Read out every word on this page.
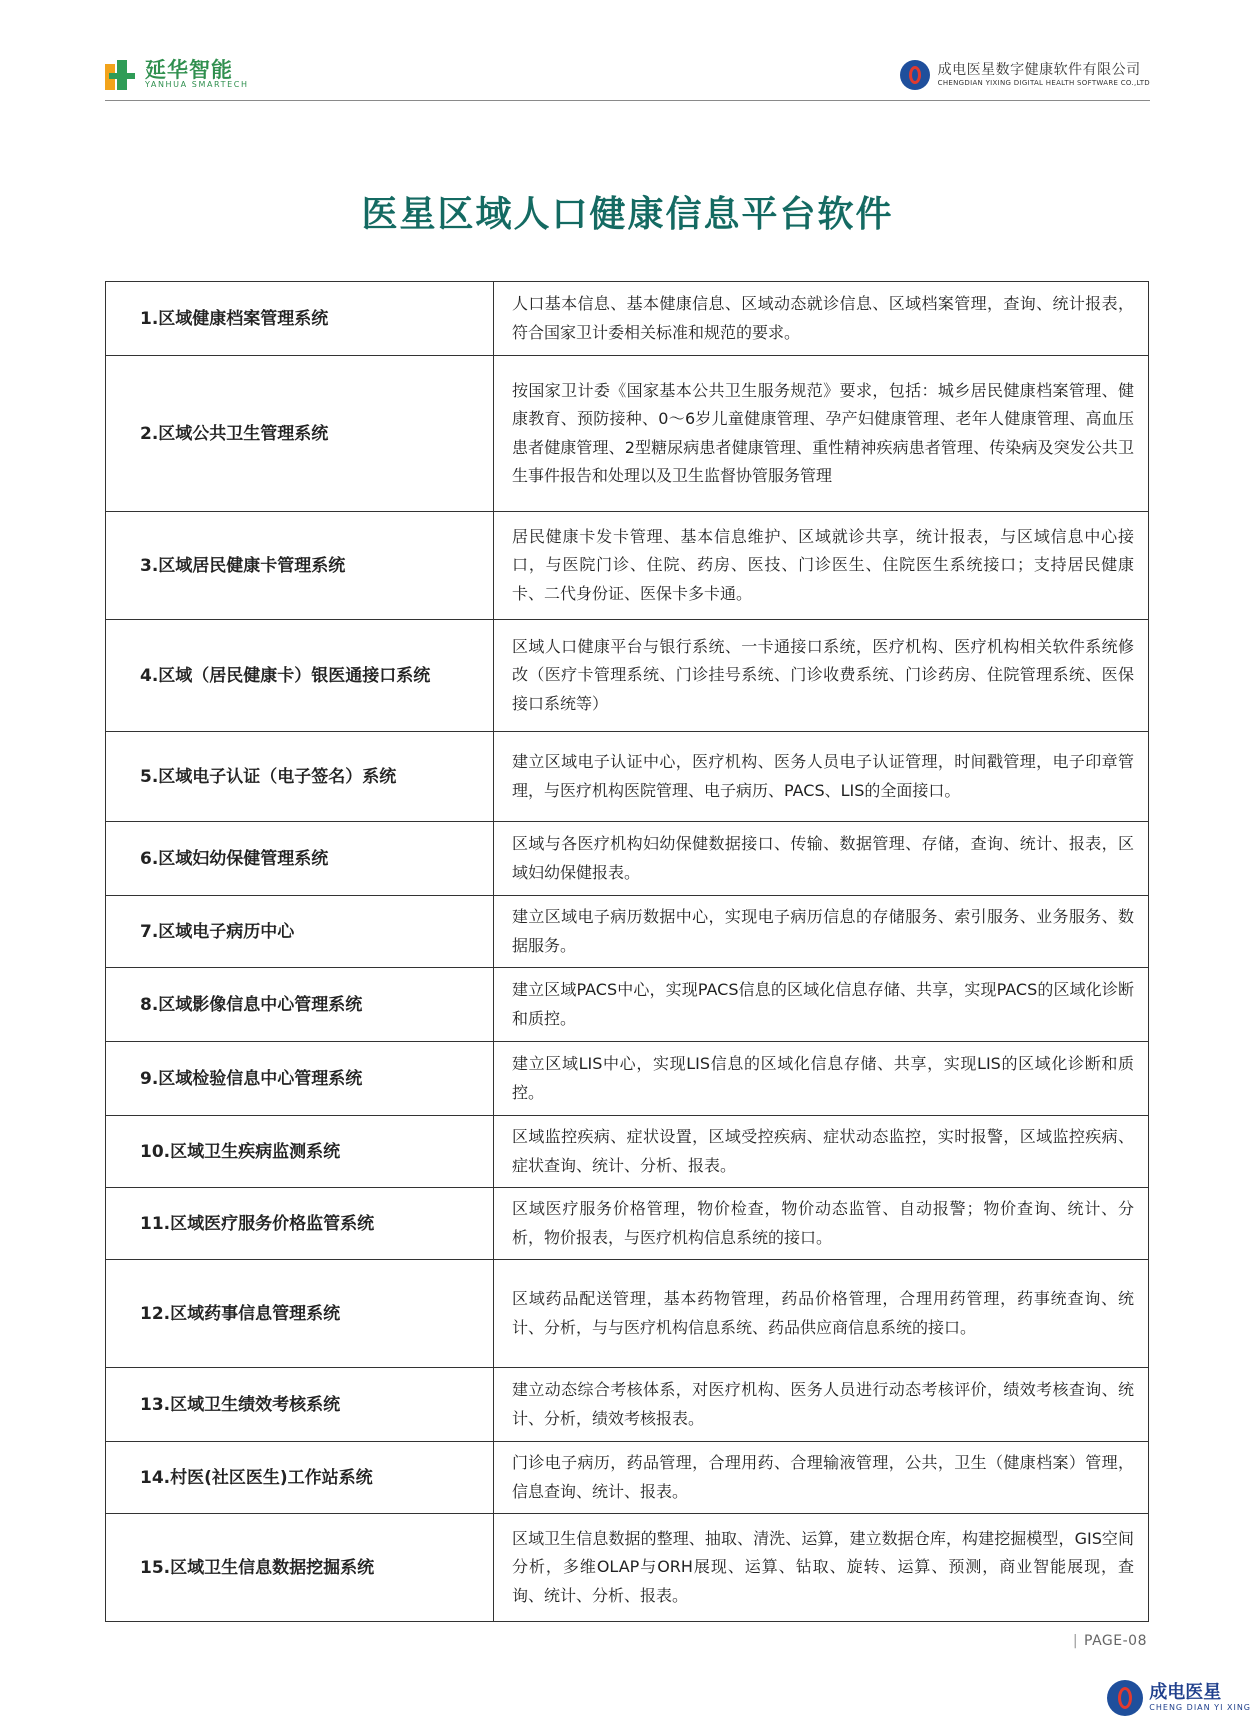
延华智能
YANHUA SMARTECH
成电医星数字健康软件有限公司
CHENGDIAN YIXING DIGITAL HEALTH SOFTWARE CO.,LTD
医星区域人口健康信息平台软件
1.区域健康档案管理系统	人口基本信息、基本健康信息、区域动态就诊信息、区域档案管理，查询、统计报表，符合国家卫计委相关标准和规范的要求。
2.区域公共卫生管理系统	按国家卫计委《国家基本公共卫生服务规范》要求，包括：城乡居民健康档案管理、健康教育、预防接种、0～6岁儿童健康管理、孕产妇健康管理、老年人健康管理、高血压患者健康管理、2型糖尿病患者健康管理、重性精神疾病患者管理、传染病及突发公共卫生事件报告和处理以及卫生监督协管服务管理
3.区域居民健康卡管理系统	居民健康卡发卡管理、基本信息维护、区域就诊共享，统计报表，与区域信息中心接口，与医院门诊、住院、药房、医技、门诊医生、住院医生系统接口；支持居民健康卡、二代身份证、医保卡多卡通。
4.区域（居民健康卡）银医通接口系统	区域人口健康平台与银行系统、一卡通接口系统，医疗机构、医疗机构相关软件系统修改（医疗卡管理系统、门诊挂号系统、门诊收费系统、门诊药房、住院管理系统、医保接口系统等）
5.区域电子认证（电子签名）系统	建立区域电子认证中心，医疗机构、医务人员电子认证管理，时间戳管理，电子印章管理，与医疗机构医院管理、电子病历、PACS、LIS的全面接口。
6.区域妇幼保健管理系统	区域与各医疗机构妇幼保健数据接口、传输、数据管理、存储，查询、统计、报表，区域妇幼保健报表。
7.区域电子病历中心	建立区域电子病历数据中心，实现电子病历信息的存储服务、索引服务、业务服务、数据服务。
8.区域影像信息中心管理系统	建立区域PACS中心，实现PACS信息的区域化信息存储、共享，实现PACS的区域化诊断和质控。
9.区域检验信息中心管理系统	建立区域LIS中心，实现LIS信息的区域化信息存储、共享，实现LIS的区域化诊断和质控。
10.区域卫生疾病监测系统	区域监控疾病、症状设置，区域受控疾病、症状动态监控，实时报警，区域监控疾病、症状查询、统计、分析、报表。
11.区域医疗服务价格监管系统	区域医疗服务价格管理，物价检查，物价动态监管、自动报警；物价查询、统计、分析，物价报表，与医疗机构信息系统的接口。
12.区域药事信息管理系统	区域药品配送管理，基本药物管理，药品价格管理，合理用药管理，药事统查询、统计、分析，与与医疗机构信息系统、药品供应商信息系统的接口。
13.区域卫生绩效考核系统	建立动态综合考核体系，对医疗机构、医务人员进行动态考核评价，绩效考核查询、统计、分析，绩效考核报表。
14.村医(社区医生)工作站系统	门诊电子病历，药品管理，合理用药、合理输液管理，公共，卫生（健康档案）管理，信息查询、统计、报表。
15.区域卫生信息数据挖掘系统	区域卫生信息数据的整理、抽取、清洗、运算，建立数据仓库，构建挖掘模型，GIS空间分析，多维OLAP与ORH展现、运算、钻取、旋转、运算、预测，商业智能展现，查询、统计、分析、报表。
| PAGE-08
成电医星
CHENG DIAN YI XING
